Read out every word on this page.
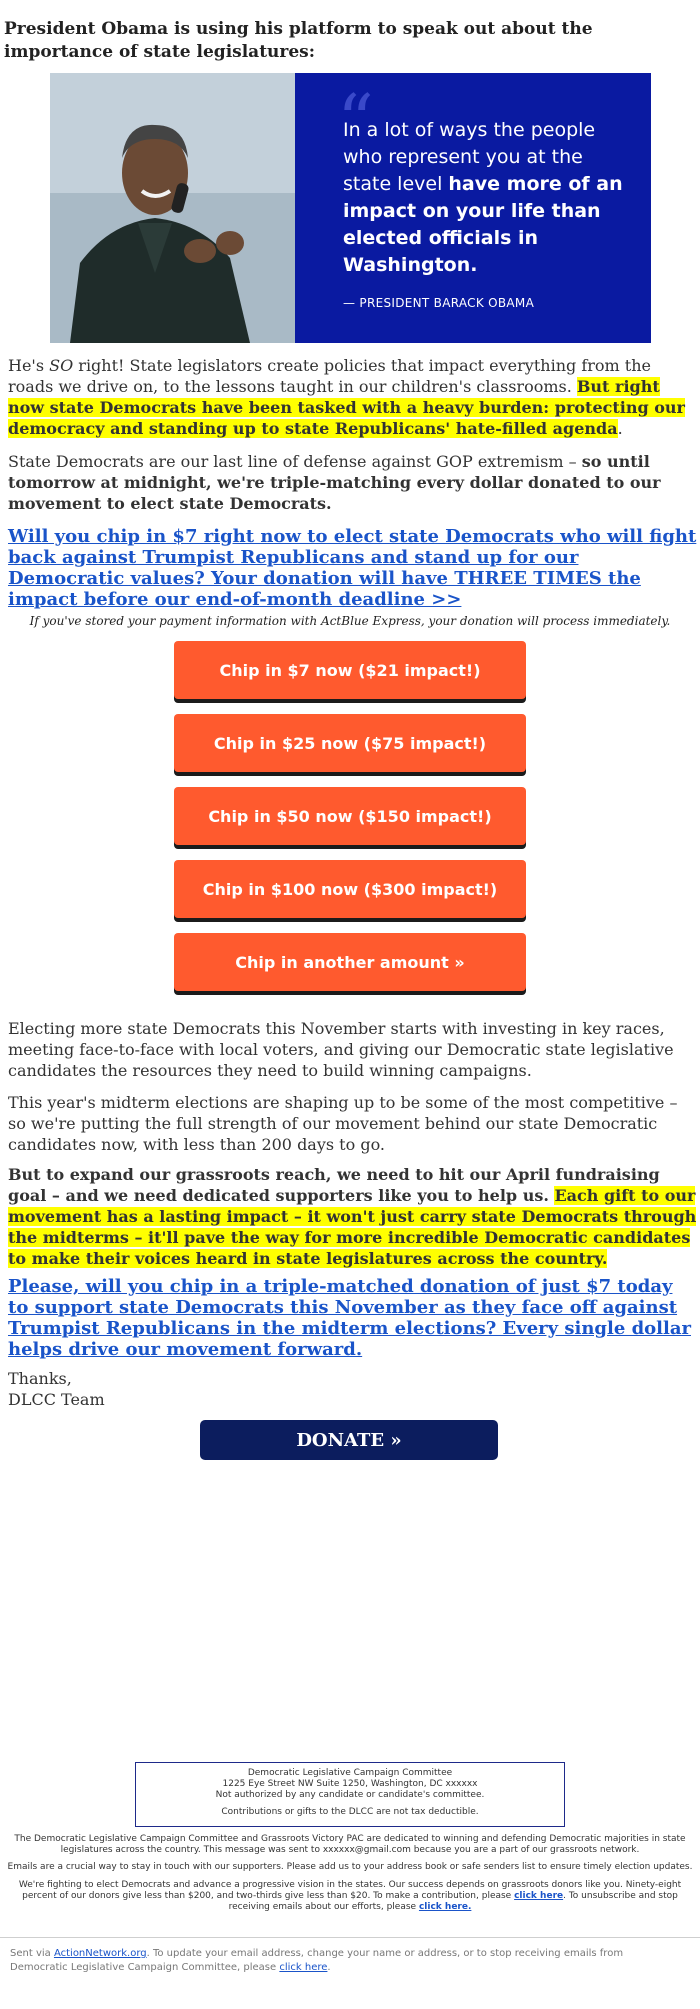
President Obama is using his platform to speak out about the importance of state legislatures:
“
In a lot of ways the people who represent you at the state level have more of an impact on your life than elected officials in Washington.
— PRESIDENT BARACK OBAMA

He's SO right! State legislators create policies that impact everything from the roads we drive on, to the lessons taught in our children's classrooms. But right now state Democrats have been tasked with a heavy burden: protecting our democracy and standing up to state Republicans' hate-filled agenda.

State Democrats are our last line of defense against GOP extremism – so until tomorrow at midnight, we're triple-matching every dollar donated to our movement to elect state Democrats.

Will you chip in $7 right now to elect state Democrats who will fight back against Trumpist Republicans and stand up for our Democratic values? Your donation will have THREE TIMES the impact before our end-of-month deadline >>

If you've stored your payment information with ActBlue Express, your donation will process immediately.
Chip in $7 now ($21 impact!)
Chip in $25 now ($75 impact!)
Chip in $50 now ($150 impact!)
Chip in $100 now ($300 impact!)
Chip in another amount »

Electing more state Democrats this November starts with investing in key races, meeting face-to-face with local voters, and giving our Democratic state legislative candidates the resources they need to build winning campaigns.

This year's midterm elections are shaping up to be some of the most competitive – so we're putting the full strength of our movement behind our state Democratic candidates now, with less than 200 days to go.

But to expand our grassroots reach, we need to hit our April fundraising goal – and we need dedicated supporters like you to help us. Each gift to our movement has a lasting impact – it won't just carry state Democrats through the midterms – it'll pave the way for more incredible Democratic candidates to make their voices heard in state legislatures across the country.

Please, will you chip in a triple-matched donation of just $7 today to support state Democrats this November as they face off against Trumpist Republicans in the midterm elections? Every single dollar helps drive our movement forward.

Thanks,
DLCC Team

DONATE »
Democratic Legislative Campaign Committee
1225 Eye Street NW Suite 1250, Washington, DC xxxxxx
Not authorized by any candidate or candidate's committee.
Contributions or gifts to the DLCC are not tax deductible.
The Democratic Legislative Campaign Committee and Grassroots Victory PAC are dedicated to winning and defending Democratic majorities in state legislatures across the country. This message was sent to xxxxxx@gmail.com because you are a part of our grassroots network.
Emails are a crucial way to stay in touch with our supporters. Please add us to your address book or safe senders list to ensure timely election updates.
We're fighting to elect Democrats and advance a progressive vision in the states. Our success depends on grassroots donors like you. Ninety-eight percent of our donors give less than $200, and two-thirds give less than $20. To make a contribution, please click here. To unsubscribe and stop receiving emails about our efforts, please click here.
Sent via ActionNetwork.org. To update your email address, change your name or address, or to stop receiving emails from Democratic Legislative Campaign Committee, please click here.
